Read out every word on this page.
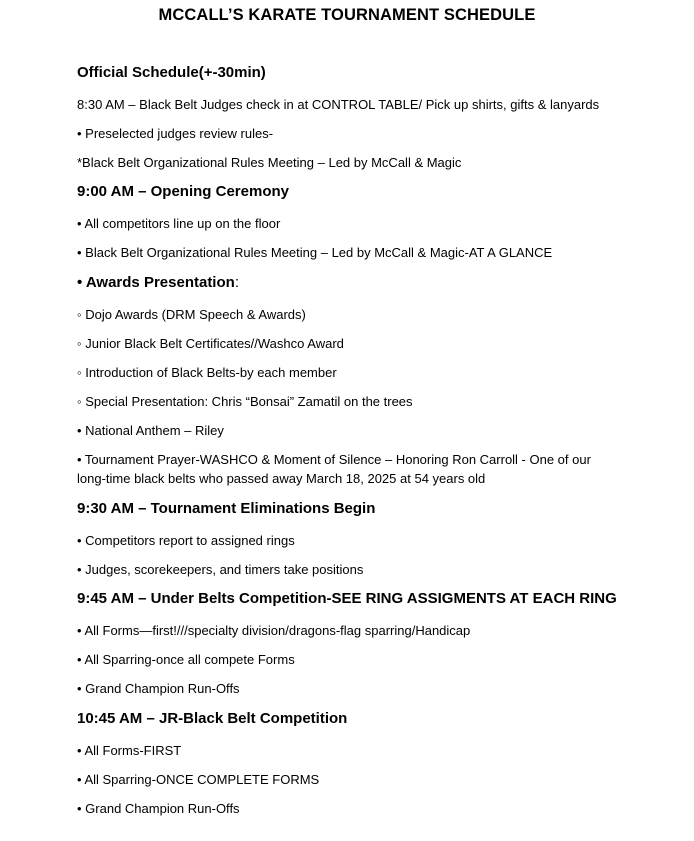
MCCALL’S KARATE TOURNAMENT SCHEDULE
Official Schedule(+-30min)
8:30 AM – Black Belt Judges check in at CONTROL TABLE/ Pick up shirts, gifts & lanyards
• Preselected judges review rules-
*Black Belt Organizational Rules Meeting – Led by McCall & Magic
9:00 AM – Opening Ceremony
• All competitors line up on the floor
• Black Belt Organizational Rules Meeting – Led by McCall & Magic-AT A GLANCE
• Awards Presentation:
◦ Dojo Awards (DRM Speech & Awards)
◦ Junior Black Belt Certificates//Washco Award
◦ Introduction of Black Belts-by each member
◦ Special Presentation: Chris “Bonsai” Zamatil on the trees
• National Anthem – Riley
• Tournament Prayer-WASHCO & Moment of Silence – Honoring Ron Carroll - One of our long-time black belts who passed away March 18, 2025 at 54 years old
9:30 AM – Tournament Eliminations Begin
• Competitors report to assigned rings
• Judges, scorekeepers, and timers take positions
9:45 AM – Under Belts Competition-SEE RING ASSIGMENTS AT EACH RING
• All Forms—first!///specialty division/dragons-flag sparring/Handicap
• All Sparring-once all compete Forms
• Grand Champion Run-Offs
10:45 AM – JR-Black Belt Competition
• All Forms-FIRST
• All Sparring-ONCE COMPLETE FORMS
• Grand Champion Run-Offs
